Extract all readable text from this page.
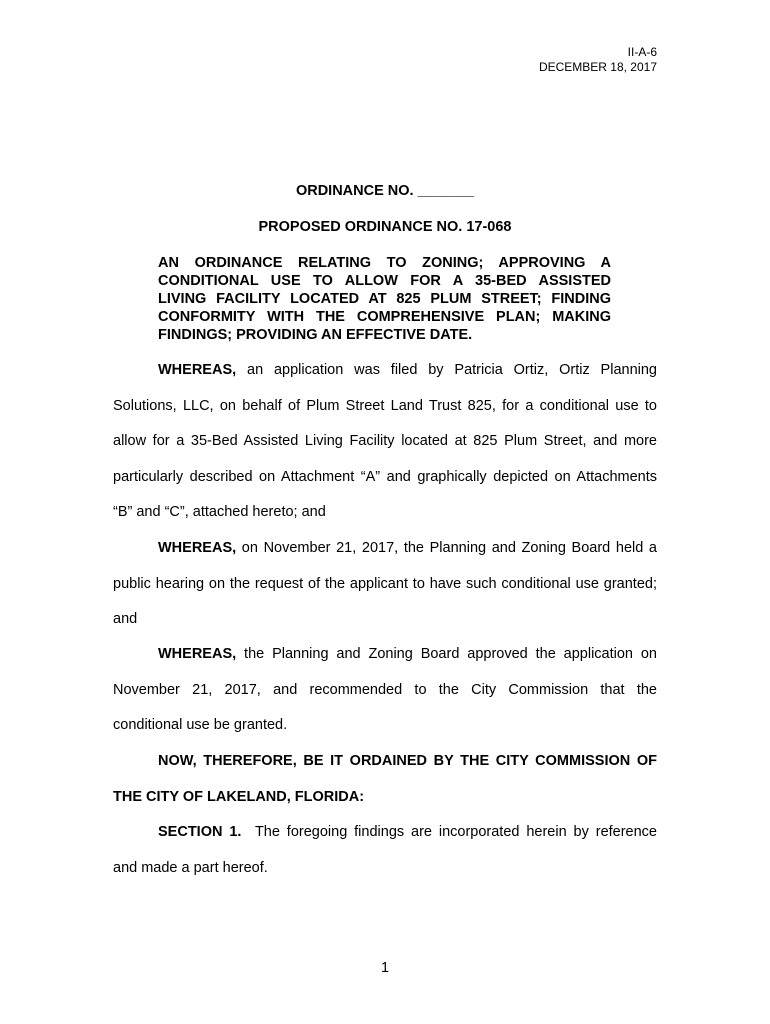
II-A-6
DECEMBER 18, 2017
ORDINANCE NO. _______
PROPOSED ORDINANCE NO. 17-068
AN ORDINANCE RELATING TO ZONING; APPROVING A
CONDITIONAL USE TO ALLOW FOR A 35-BED ASSISTED
LIVING FACILITY LOCATED AT 825 PLUM STREET; FINDING
CONFORMITY WITH THE COMPREHENSIVE PLAN; MAKING
FINDINGS; PROVIDING AN EFFECTIVE DATE.
WHEREAS, an application was filed by Patricia Ortiz, Ortiz Planning
Solutions, LLC, on behalf of Plum Street Land Trust 825, for a conditional use to
allow for a 35-Bed Assisted Living Facility located at 825 Plum Street, and more
particularly described on Attachment “A” and graphically depicted on Attachments
“B” and “C”, attached hereto; and
WHEREAS, on November 21, 2017, the Planning and Zoning Board held a
public hearing on the request of the applicant to have such conditional use granted;
and
WHEREAS, the Planning and Zoning Board approved the application on
November 21, 2017, and recommended to the City Commission that the
conditional use be granted.
NOW, THEREFORE, BE IT ORDAINED BY THE CITY COMMISSION OF
THE CITY OF LAKELAND, FLORIDA:
SECTION 1.  The foregoing findings are incorporated herein by reference
and made a part hereof.
1
